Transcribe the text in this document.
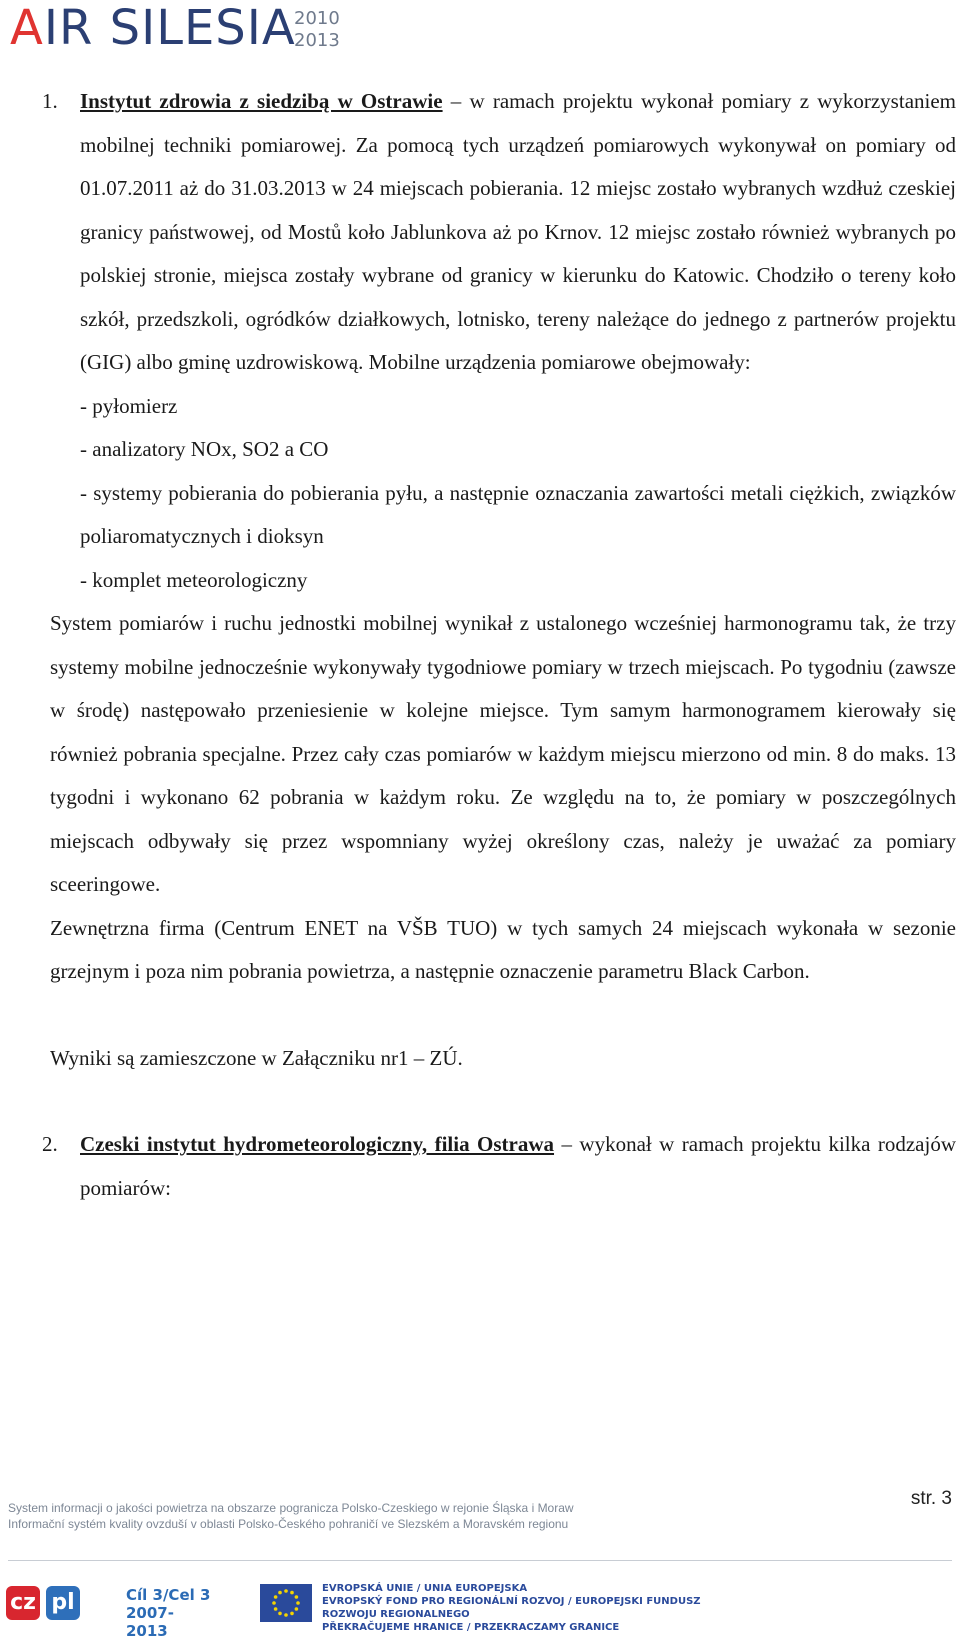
AIR SILESIA
2010
2013
1. Instytut zdrowia z siedzibą w Ostrawie – w ramach projektu wykonał pomiary z wykorzystaniem mobilnej techniki pomiarowej. Za pomocą tych urządzeń pomiarowych wykonywał on pomiary od 01.07.2011 aż do 31.03.2013 w 24 miejscach pobierania. 12 miejsc zostało wybranych wzdłuż czeskiej granicy państwowej, od Mostů koło Jablunkova aż po Krnov. 12 miejsc zostało również wybranych po polskiej stronie, miejsca zostały wybrane od granicy w kierunku do Katowic. Chodziło o tereny koło szkół, przedszkoli, ogródków działkowych, lotnisko, tereny należące do jednego z partnerów projektu (GIG) albo gminę uzdrowiskową. Mobilne urządzenia pomiarowe obejmowały:

- pyłomierz

- analizatory NOx, SO2 a CO

- systemy pobierania do pobierania pyłu, a następnie oznaczania zawartości metali ciężkich, związków poliaromatycznych i dioksyn

- komplet meteorologiczny

System pomiarów i ruchu jednostki mobilnej wynikał z ustalonego wcześniej harmonogramu tak, że trzy systemy mobilne jednocześnie wykonywały tygodniowe pomiary w trzech miejscach. Po tygodniu (zawsze w środę) następowało przeniesienie w kolejne miejsce. Tym samym harmonogramem kierowały się również pobrania specjalne. Przez cały czas pomiarów w każdym miejscu mierzono od min. 8 do maks. 13 tygodni i wykonano 62 pobrania w każdym roku. Ze względu na to, że pomiary w poszczególnych miejscach odbywały się przez wspomniany wyżej określony czas, należy je uważać za pomiary sceeringowe.

Zewnętrzna firma (Centrum ENET na VŠB TUO) w tych samych 24 miejscach wykonała w sezonie grzejnym i poza nim pobrania powietrza, a następnie oznaczenie parametru Black Carbon.

Wyniki są zamieszczone w Załączniku nr1 – ZÚ.

2. Czeski instytut hydrometeorologiczny, filia Ostrawa – wykonał w ramach projektu kilka rodzajów pomiarów:

str. 3
System informacji o jakości powietrza na obszarze pogranicza Polsko-Czeskiego w rejonie Śląska i Moraw
Informační systém kvality ovzduší v oblasti Polsko-Českého pohraničí ve Slezském a Moravském regionu
cz pl	Cíl 3/Cel 3
2007-2013
EVROPSKÁ UNIE / UNIA EUROPEJSKA
EVROPSKÝ FOND PRO REGIONÁLNÍ ROZVOJ / EUROPEJSKI FUNDUSZ ROZWOJU REGIONALNEGO
PŘEKRAČUJEME HRANICE / PRZEKRACZAMY GRANICE
